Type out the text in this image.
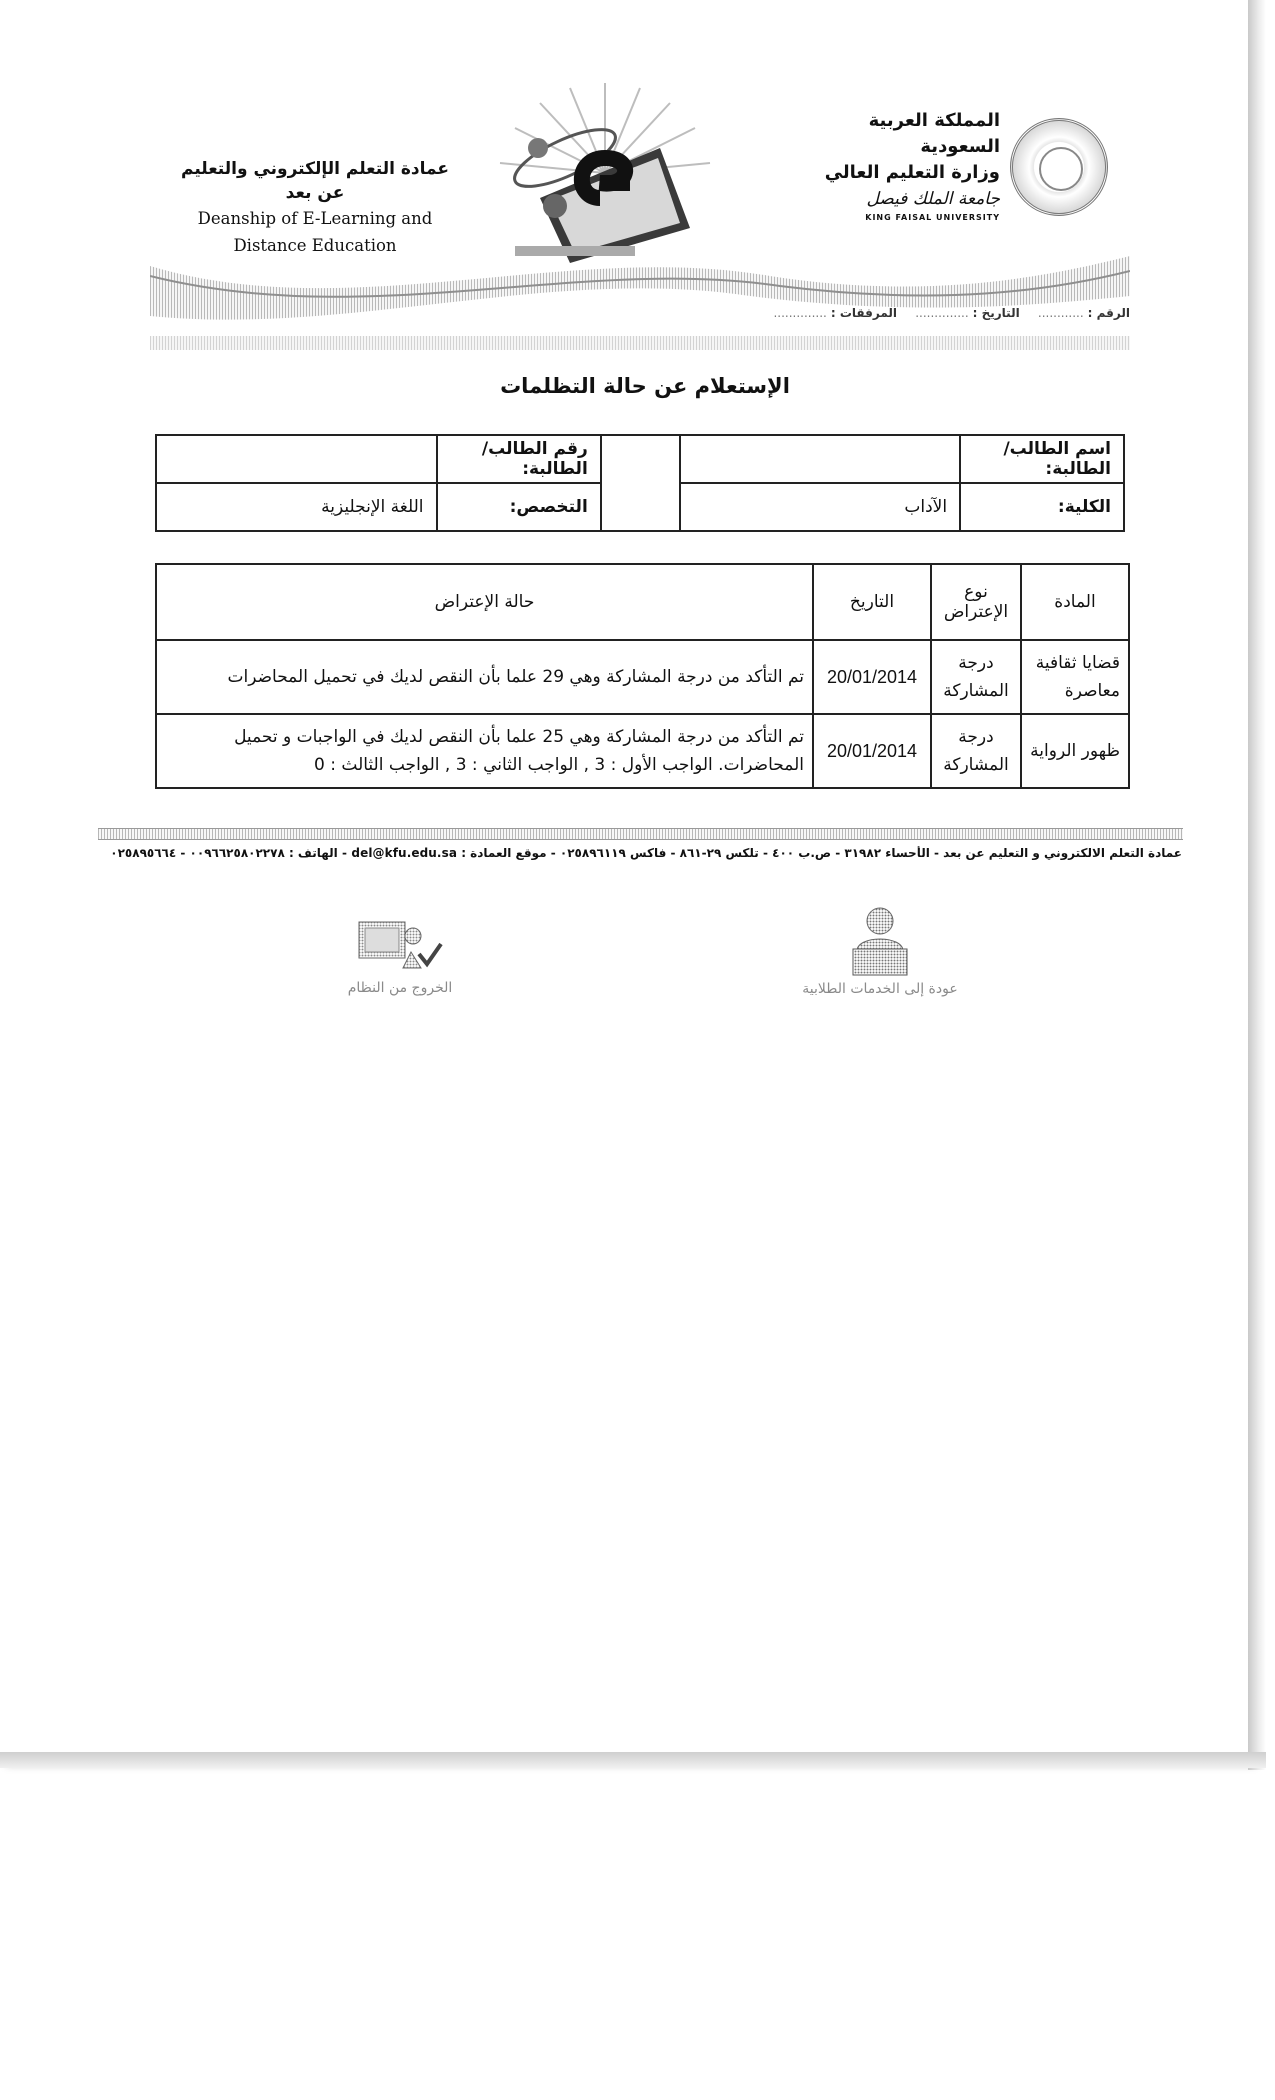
المملكة العربية السعودية
وزارة التعليم العالي
جامعة الملك فيصل
KING FAISAL UNIVERSITY
عمادة التعلم الإلكتروني والتعليم عن بعد
Deanship of E-Learning and
Distance Education
الرقم :............ التاريخ :.............. المرفقات :..............
الإستعلام عن حالة التظلمات
اسم الطالب/الطالبة:			رقم الطالب/الطالبة:	
الكلية:	الآداب		التخصص:	اللغة الإنجليزية
المادة	نوع الإعتراض	التاريخ	حالة الإعتراض
قضايا ثقافية معاصرة	درجة المشاركة	20/01/2014	تم التأكد من درجة المشاركة وهي 29 علما بأن النقص لديك في تحميل المحاضرات
ظهور الرواية	درجة المشاركة	20/01/2014	تم التأكد من درجة المشاركة وهي 25 علما بأن النقص لديك في الواجبات و تحميل المحاضرات. الواجب الأول : 3 , الواجب الثاني : 3 , الواجب الثالث : 0
عمادة التعلم الالكتروني و التعليم عن بعد - الأحساء ٣١٩٨٢ - ص.ب ٤٠٠ - تلكس ٢٩-٨٦١ - فاكس ٠٢٥٨٩٦١١٩ - موقع العمادة : del@kfu.edu.sa - الهاتف : ٠٠٩٦٦٢٥٨٠٢٢٧٨ - ٠٢٥٨٩٥٦٦٤
عودة إلى الخدمات الطلابية
الخروج من النظام
